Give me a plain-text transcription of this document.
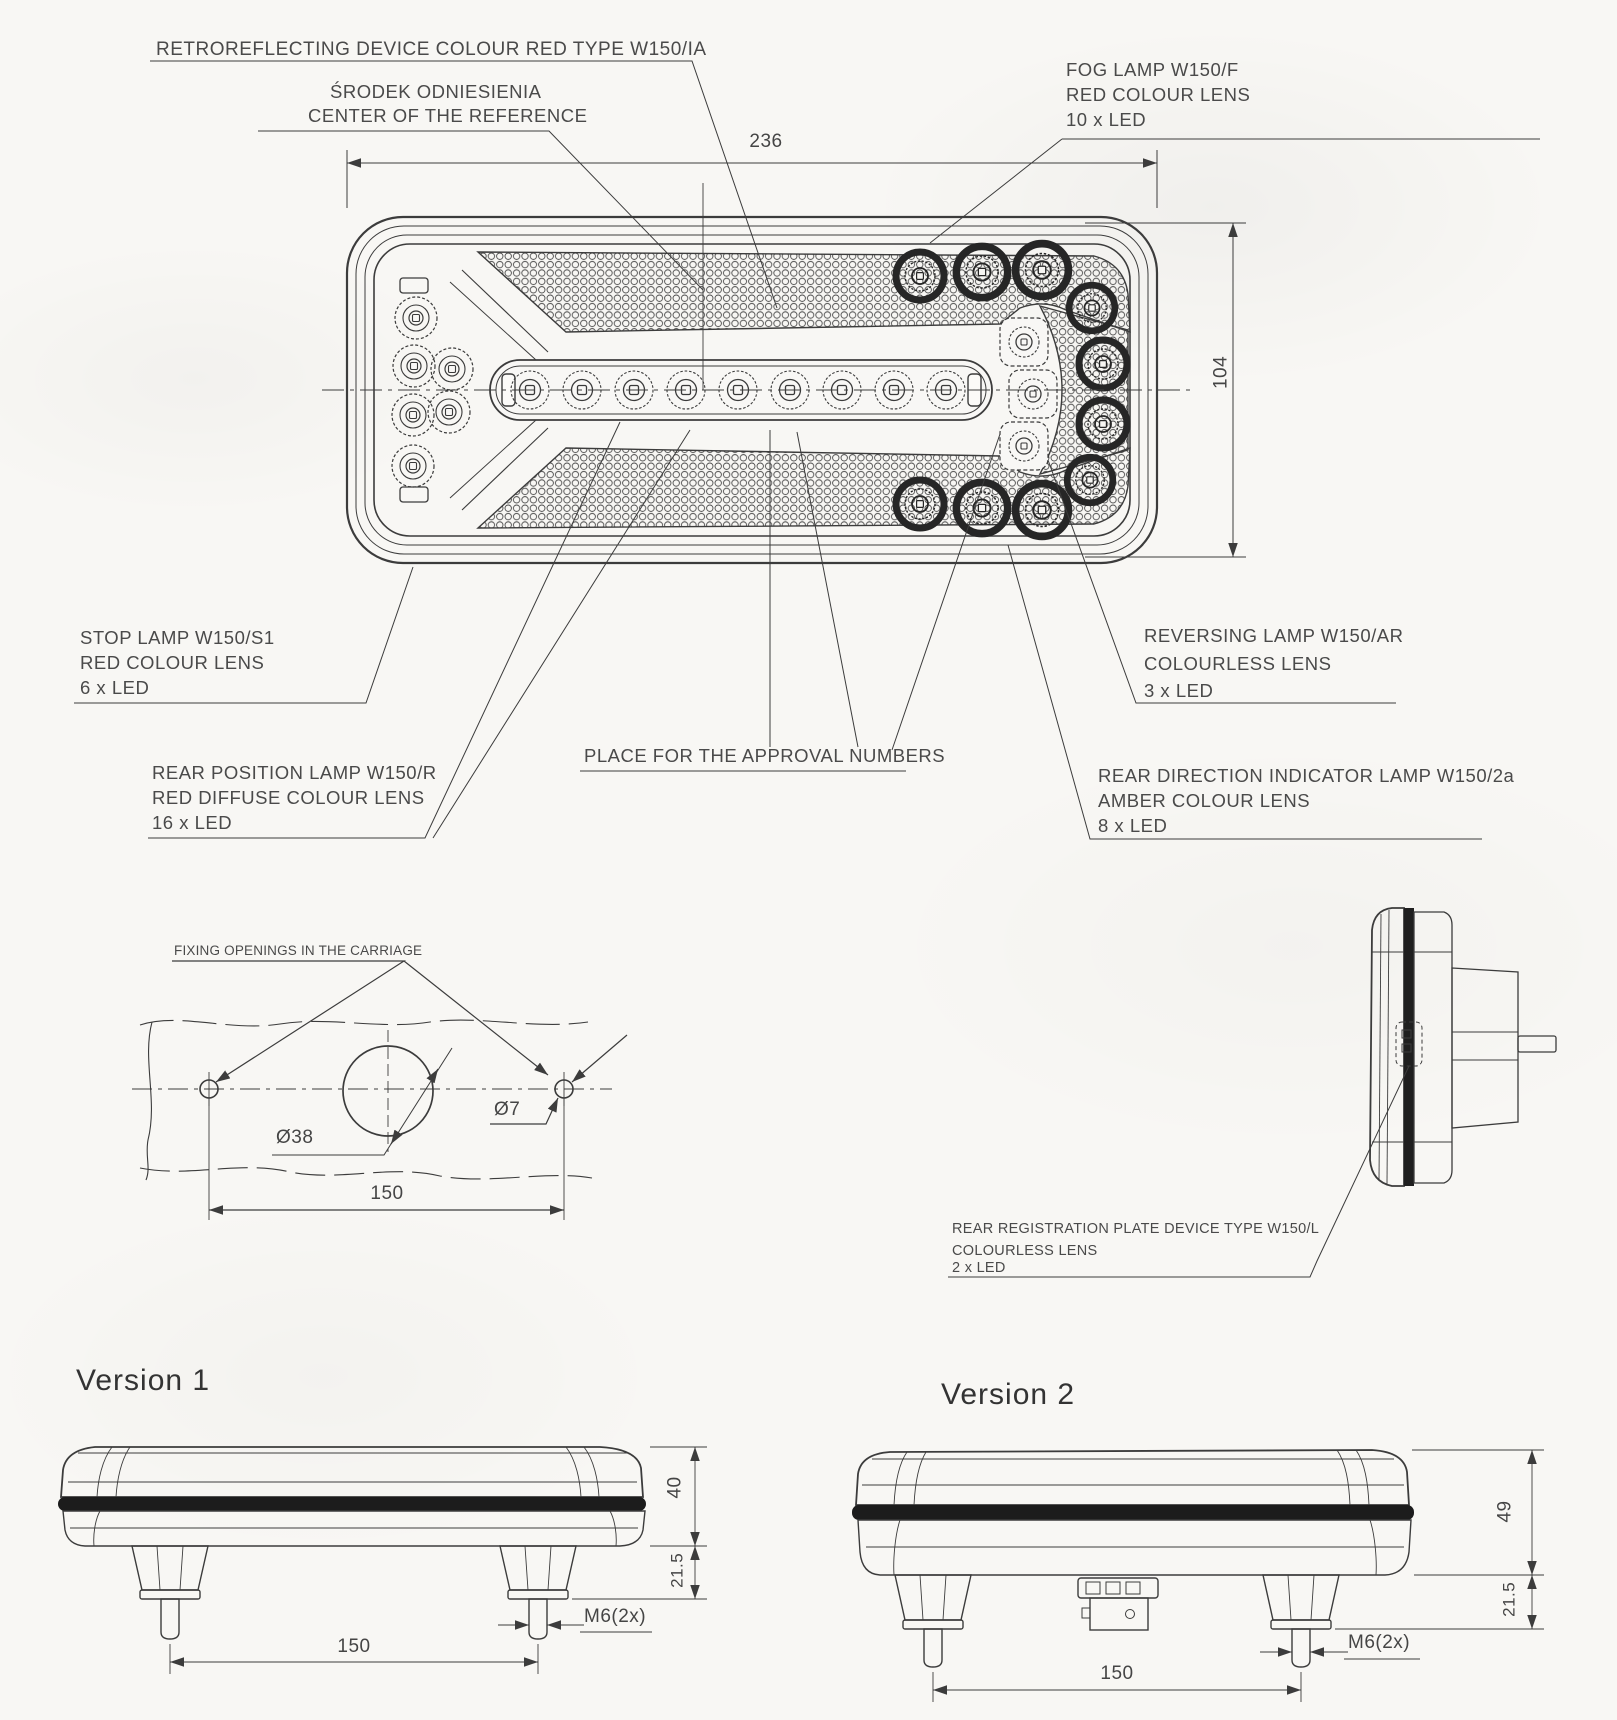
RETROREFLECTING DEVICE COLOUR RED TYPE W150/IA
ŚRODEK ODNIESIENIA
CENTER OF THE REFERENCE
FOG LAMP W150/F
RED COLOUR LENS
10 x LED
STOP LAMP W150/S1
RED COLOUR LENS
6 x LED
REAR POSITION LAMP W150/R
RED DIFFUSE COLOUR LENS
16 x LED
PLACE FOR THE APPROVAL NUMBERS
REVERSING LAMP W150/AR
COLOURLESS LENS
3 x LED
REAR DIRECTION INDICATOR LAMP W150/2a
AMBER COLOUR LENS
8 x LED
REAR REGISTRATION PLATE DEVICE TYPE W150/L
COLOURLESS LENS
2 x LED
FIXING OPENINGS IN THE CARRIAGE
236
104
Ø38
Ø7
150
40
21.5
150
M6(2x)
49
21.5
150
M6(2x)
Version 1	Version 2
